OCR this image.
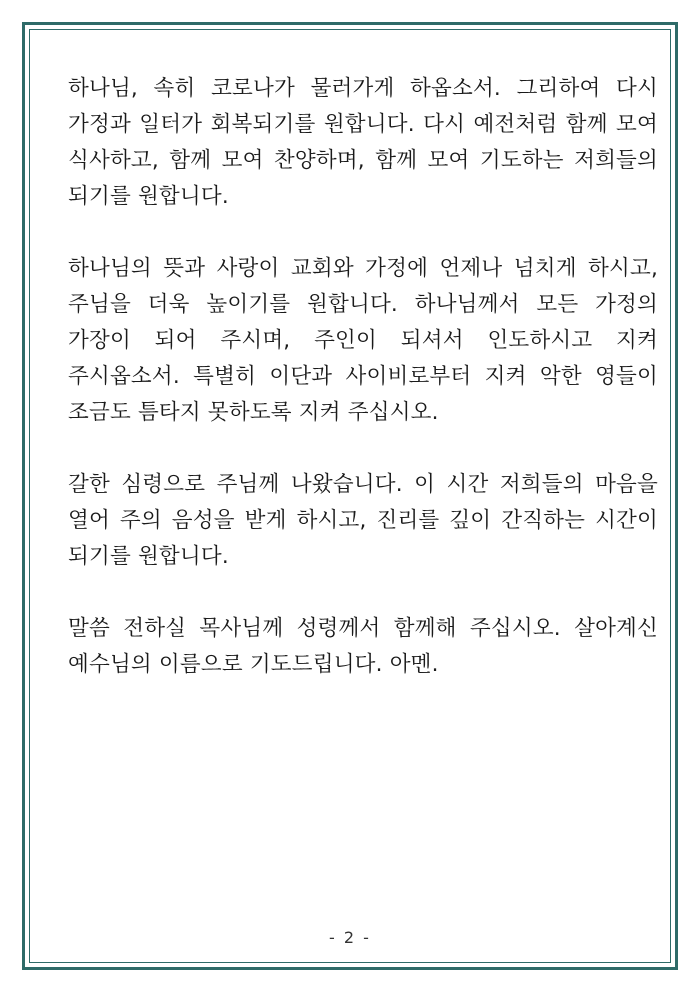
하나님, 속히 코로나가 물러가게 하옵소서. 그리하여 다시 가정과 일터가 회복되기를 원합니다. 다시 예전처럼 함께 모여 식사하고, 함께 모여 찬양하며, 함께 모여 기도하는 저희들의 되기를 원합니다.

하나님의 뜻과 사랑이 교회와 가정에 언제나 넘치게 하시고, 주님을 더욱 높이기를 원합니다. 하나님께서 모든 가정의 가장이 되어 주시며, 주인이 되셔서 인도하시고 지켜 주시옵소서. 특별히 이단과 사이비로부터 지켜 악한 영들이 조금도 틈타지 못하도록 지켜 주십시오.

갈한 심령으로 주님께 나왔습니다. 이 시간 저희들의 마음을 열어 주의 음성을 받게 하시고, 진리를 깊이 간직하는 시간이 되기를 원합니다.

말씀 전하실 목사님께 성령께서 함께해 주십시오. 살아계신 예수님의 이름으로 기도드립니다. 아멘.

- 2 -
